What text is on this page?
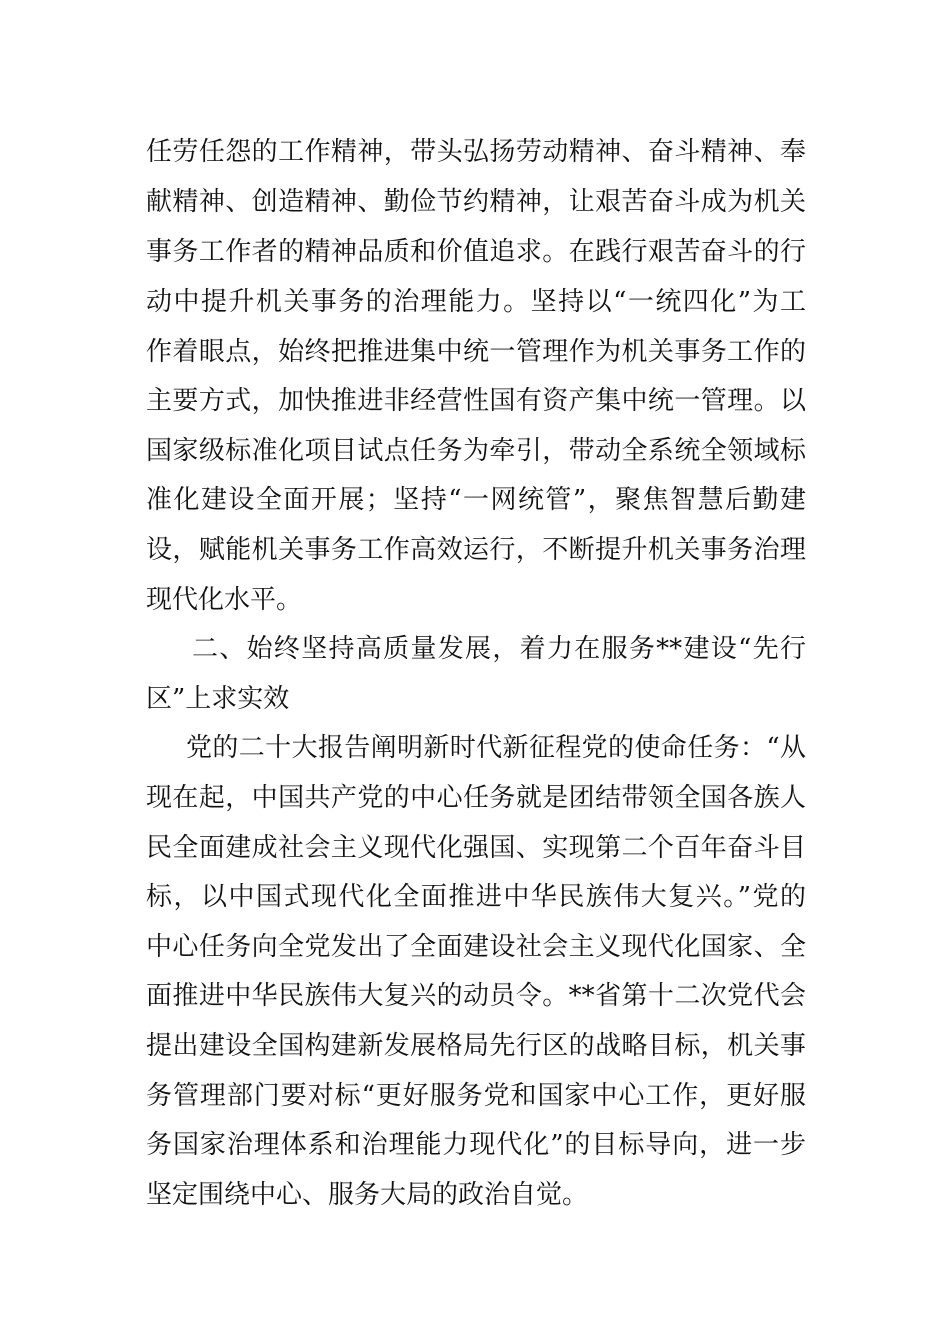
任劳任怨的工作精神，带头弘扬劳动精神、奋斗精神、奉
献精神、创造精神、勤俭节约精神，让艰苦奋斗成为机关
事务工作者的精神品质和价值追求。在践行艰苦奋斗的行
动中提升机关事务的治理能力。坚持以“一统四化”为工
作着眼点，始终把推进集中统一管理作为机关事务工作的
主要方式，加快推进非经营性国有资产集中统一管理。以
国家级标准化项目试点任务为牵引，带动全系统全领域标
准化建设全面开展；坚持“一网统管”，聚焦智慧后勤建
设，赋能机关事务工作高效运行，不断提升机关事务治理
现代化水平。
二、始终坚持高质量发展，着力在服务**建设“先行
区”上求实效
党的二十大报告阐明新时代新征程党的使命任务：“从
现在起，中国共产党的中心任务就是团结带领全国各族人
民全面建成社会主义现代化强国、实现第二个百年奋斗目
标，以中国式现代化全面推进中华民族伟大复兴。”党的
中心任务向全党发出了全面建设社会主义现代化国家、全
面推进中华民族伟大复兴的动员令。**省第十二次党代会
提出建设全国构建新发展格局先行区的战略目标，机关事
务管理部门要对标“更好服务党和国家中心工作，更好服
务国家治理体系和治理能力现代化”的目标导向，进一步
坚定围绕中心、服务大局的政治自觉。
